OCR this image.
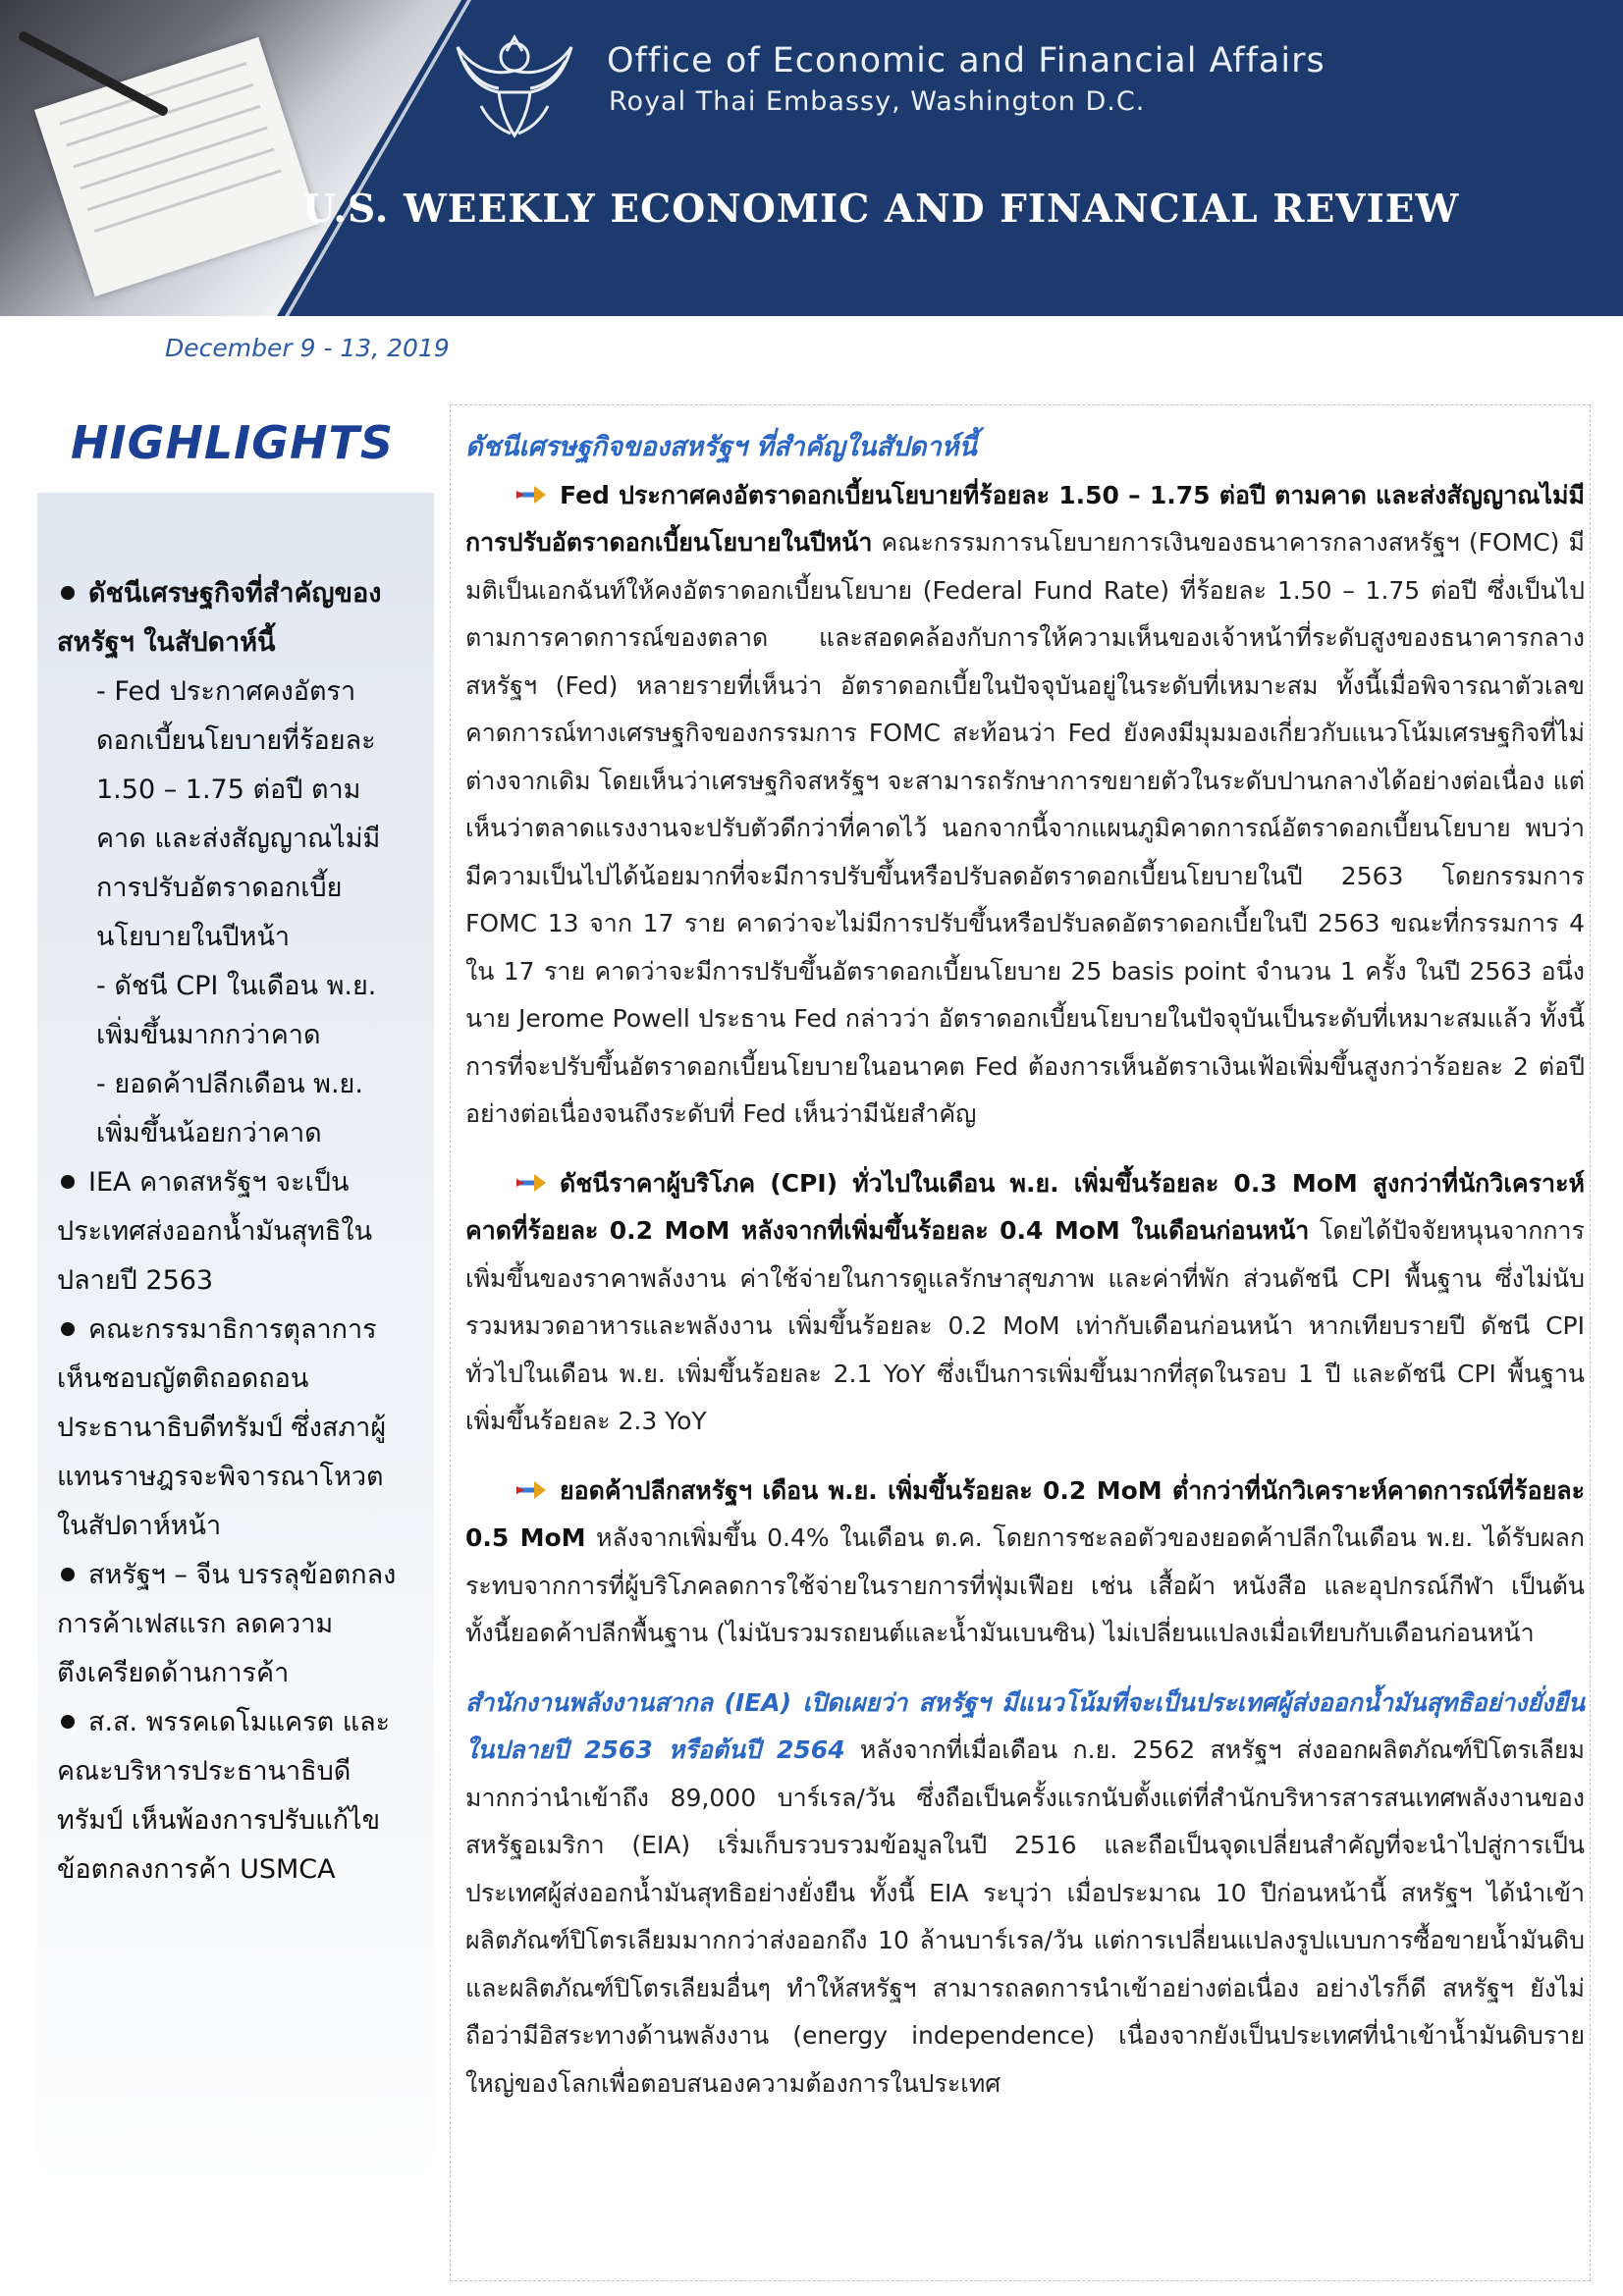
Office of Economic and Financial Affairs
Royal Thai Embassy, Washington D.C.
U.S. WEEKLY ECONOMIC AND FINANCIAL REVIEW
December 9 - 13, 2019
HIGHLIGHTS

ดัชนีเศรษฐกิจที่สำคัญของสหรัฐฯ ในสัปดาห์นี้

- Fed ประกาศคงอัตราดอกเบี้ยนโยบายที่ร้อยละ 1.50 – 1.75 ต่อปี ตามคาด และส่งสัญญาณไม่มีการปรับอัตราดอกเบี้ยนโยบายในปีหน้า

- ดัชนี CPI ในเดือน พ.ย. เพิ่มขึ้นมากกว่าคาด

- ยอดค้าปลีกเดือน พ.ย. เพิ่มขึ้นน้อยกว่าคาด

IEA คาดสหรัฐฯ จะเป็นประเทศส่งออกน้ำมันสุทธิในปลายปี 2563

คณะกรรมาธิการตุลาการเห็นชอบญัตติถอดถอนประธานาธิบดีทรัมป์ ซึ่งสภาผู้แทนราษฎรจะพิจารณาโหวตในสัปดาห์หน้า

สหรัฐฯ – จีน บรรลุข้อตกลงการค้าเฟสแรก ลดความตึงเครียดด้านการค้า

ส.ส. พรรคเดโมแครต และคณะบริหารประธานาธิบดีทรัมป์ เห็นพ้องการปรับแก้ไขข้อตกลงการค้า USMCA

ดัชนีเศรษฐกิจของสหรัฐฯ ที่สำคัญในสัปดาห์นี้

Fed ประกาศคงอัตราดอกเบี้ยนโยบายที่ร้อยละ 1.50 – 1.75 ต่อปี ตามคาด และส่งสัญญาณไม่มีการปรับอัตราดอกเบี้ยนโยบายในปีหน้า คณะกรรมการนโยบายการเงินของธนาคารกลางสหรัฐฯ (FOMC) มีมติเป็นเอกฉันท์ให้คงอัตราดอกเบี้ยนโยบาย (Federal Fund Rate) ที่ร้อยละ 1.50 – 1.75 ต่อปี ซึ่งเป็นไปตามการคาดการณ์ของตลาด และสอดคล้องกับการให้ความเห็นของเจ้าหน้าที่ระดับสูงของธนาคารกลางสหรัฐฯ (Fed) หลายรายที่เห็นว่า อัตราดอกเบี้ยในปัจจุบันอยู่ในระดับที่เหมาะสม ทั้งนี้เมื่อพิจารณาตัวเลขคาดการณ์ทางเศรษฐกิจของกรรมการ FOMC สะท้อนว่า Fed ยังคงมีมุมมองเกี่ยวกับแนวโน้มเศรษฐกิจที่ไม่ต่างจากเดิม โดยเห็นว่าเศรษฐกิจสหรัฐฯ จะสามารถรักษาการขยายตัวในระดับปานกลางได้อย่างต่อเนื่อง แต่เห็นว่าตลาดแรงงานจะปรับตัวดีกว่าที่คาดไว้ นอกจากนี้จากแผนภูมิคาดการณ์อัตราดอกเบี้ยนโยบาย พบว่ามีความเป็นไปได้น้อยมากที่จะมีการปรับขึ้นหรือปรับลดอัตราดอกเบี้ยนโยบายในปี 2563 โดยกรรมการ FOMC 13 จาก 17 ราย คาดว่าจะไม่มีการปรับขึ้นหรือปรับลดอัตราดอกเบี้ยในปี 2563 ขณะที่กรรมการ 4 ใน 17 ราย คาดว่าจะมีการปรับขึ้นอัตราดอกเบี้ยนโยบาย 25 basis point จำนวน 1 ครั้ง ในปี 2563 อนึ่งนาย Jerome Powell ประธาน Fed กล่าวว่า อัตราดอกเบี้ยนโยบายในปัจจุบันเป็นระดับที่เหมาะสมแล้ว ทั้งนี้การที่จะปรับขึ้นอัตราดอกเบี้ยนโยบายในอนาคต Fed ต้องการเห็นอัตราเงินเฟ้อเพิ่มขึ้นสูงกว่าร้อยละ 2 ต่อปี อย่างต่อเนื่องจนถึงระดับที่ Fed เห็นว่ามีนัยสำคัญ

ดัชนีราคาผู้บริโภค (CPI) ทั่วไปในเดือน พ.ย. เพิ่มขึ้นร้อยละ 0.3 MoM สูงกว่าที่นักวิเคราะห์คาดที่ร้อยละ 0.2 MoM หลังจากที่เพิ่มขึ้นร้อยละ 0.4 MoM ในเดือนก่อนหน้า โดยได้ปัจจัยหนุนจากการเพิ่มขึ้นของราคาพลังงาน ค่าใช้จ่ายในการดูแลรักษาสุขภาพ และค่าที่พัก ส่วนดัชนี CPI พื้นฐาน ซึ่งไม่นับรวมหมวดอาหารและพลังงาน เพิ่มขึ้นร้อยละ 0.2 MoM เท่ากับเดือนก่อนหน้า หากเทียบรายปี ดัชนี CPI ทั่วไปในเดือน พ.ย. เพิ่มขึ้นร้อยละ 2.1 YoY ซึ่งเป็นการเพิ่มขึ้นมากที่สุดในรอบ 1 ปี และดัชนี CPI พื้นฐานเพิ่มขึ้นร้อยละ 2.3 YoY

ยอดค้าปลีกสหรัฐฯ เดือน พ.ย. เพิ่มขึ้นร้อยละ 0.2 MoM ต่ำกว่าที่นักวิเคราะห์คาดการณ์ที่ร้อยละ 0.5 MoM หลังจากเพิ่มขึ้น 0.4% ในเดือน ต.ค. โดยการชะลอตัวของยอดค้าปลีกในเดือน พ.ย. ได้รับผลกระทบจากการที่ผู้บริโภคลดการใช้จ่ายในรายการที่ฟุ่มเฟือย เช่น เสื้อผ้า หนังสือ และอุปกรณ์กีฬา เป็นต้น ทั้งนี้ยอดค้าปลีกพื้นฐาน (ไม่นับรวมรถยนต์และน้ำมันเบนซิน) ไม่เปลี่ยนแปลงเมื่อเทียบกับเดือนก่อนหน้า

สำนักงานพลังงานสากล (IEA) เปิดเผยว่า สหรัฐฯ มีแนวโน้มที่จะเป็นประเทศผู้ส่งออกน้ำมันสุทธิอย่างยั่งยืนในปลายปี 2563 หรือต้นปี 2564 หลังจากที่เมื่อเดือน ก.ย. 2562 สหรัฐฯ ส่งออกผลิตภัณฑ์ปิโตรเลียมมากกว่านำเข้าถึง 89,000 บาร์เรล/วัน ซึ่งถือเป็นครั้งแรกนับตั้งแต่ที่สำนักบริหารสารสนเทศพลังงานของสหรัฐอเมริกา (EIA) เริ่มเก็บรวบรวมข้อมูลในปี 2516 และถือเป็นจุดเปลี่ยนสำคัญที่จะนำไปสู่การเป็นประเทศผู้ส่งออกน้ำมันสุทธิอย่างยั่งยืน ทั้งนี้ EIA ระบุว่า เมื่อประมาณ 10 ปีก่อนหน้านี้ สหรัฐฯ ได้นำเข้าผลิตภัณฑ์ปิโตรเลียมมากกว่าส่งออกถึง 10 ล้านบาร์เรล/วัน แต่การเปลี่ยนแปลงรูปแบบการซื้อขายน้ำมันดิบและผลิตภัณฑ์ปิโตรเลียมอื่นๆ ทำให้สหรัฐฯ สามารถลดการนำเข้าอย่างต่อเนื่อง อย่างไรก็ดี สหรัฐฯ ยังไม่ถือว่ามีอิสระทางด้านพลังงาน (energy independence) เนื่องจากยังเป็นประเทศที่นำเข้าน้ำมันดิบรายใหญ่ของโลกเพื่อตอบสนองความต้องการในประเทศ
